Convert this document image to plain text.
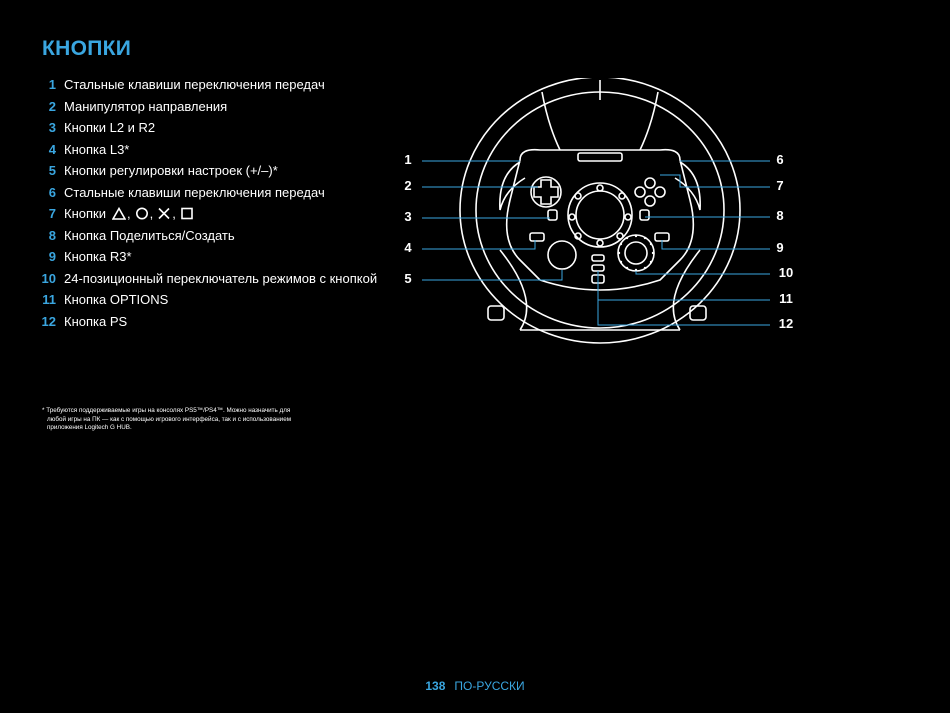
КНОПКИ
1 Стальные клавиши переключения передач
2 Манипулятор направления
3 Кнопки L2 и R2
4 Кнопка L3*
5 Кнопки регулировки настроек (+/–)*
6 Стальные клавиши переключения передач
7 Кнопки , , ,
8 Кнопка Поделиться/Создать
9 Кнопка R3*
10 24-позиционный переключатель режимов с кнопкой
11 Кнопка OPTIONS
12 Кнопка PS
* Требуются поддерживаемые игры на консолях PS5™/PS4™. Можно назначить для
любой игры на ПК — как с помощью игрового интерфейса, так и с использованием
приложения Logitech G HUB.
1
2
3
4
5
6
7
8
9
10
11
12
138 ПО-РУССКИ
